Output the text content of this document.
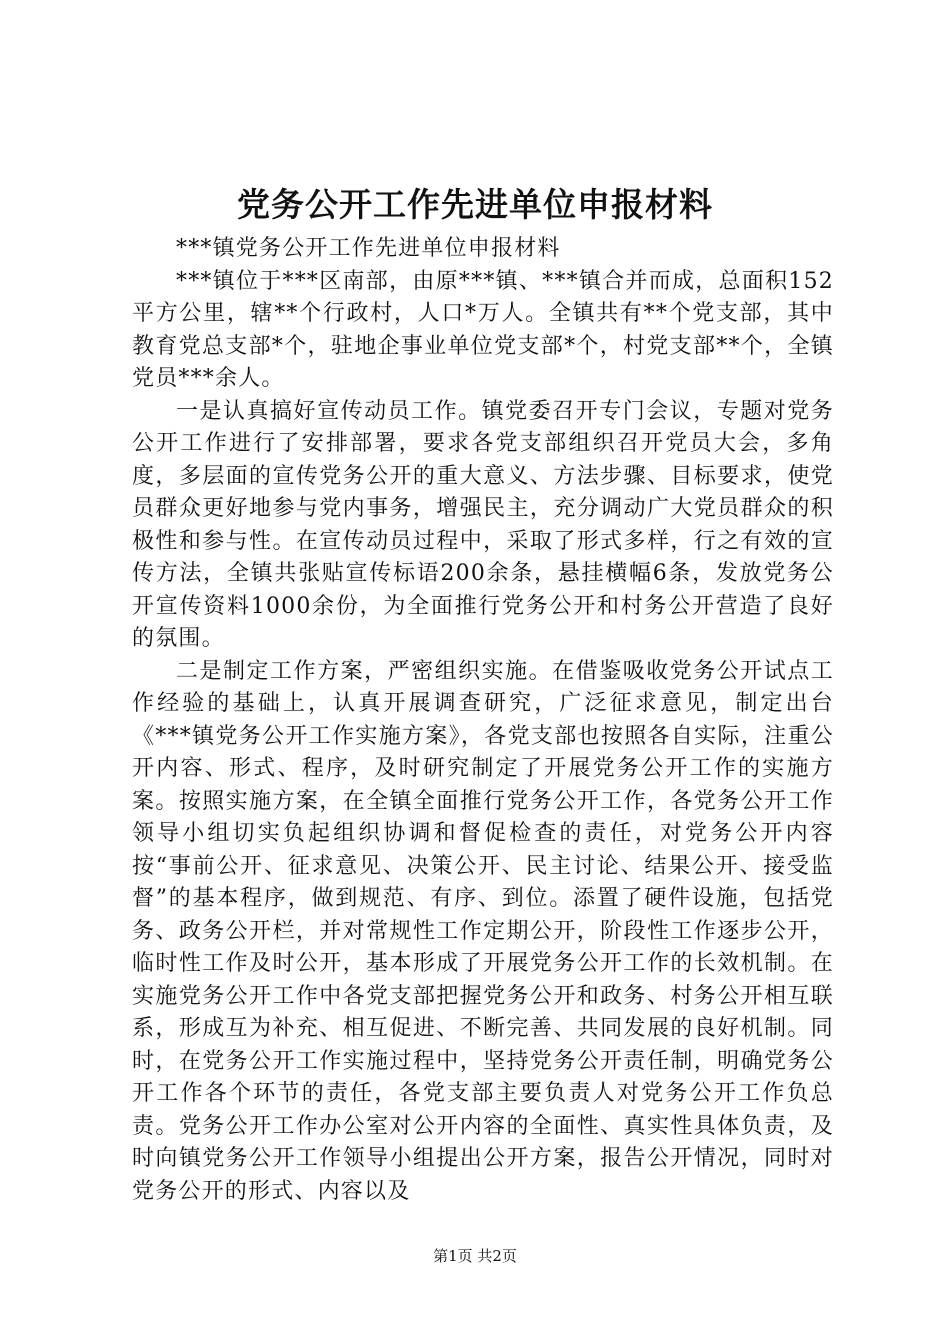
党务公开工作先进单位申报材料

***镇党务公开工作先进单位申报材料

***镇位于***区南部，由原***镇、***镇合并而成，总面积152平方公里，辖**个行政村，人口*万人。全镇共有**个党支部，其中教育党总支部*个，驻地企事业单位党支部*个，村党支部**个，全镇党员***余人。

一是认真搞好宣传动员工作。镇党委召开专门会议，专题对党务公开工作进行了安排部署，要求各党支部组织召开党员大会，多角度，多层面的宣传党务公开的重大意义、方法步骤、目标要求，使党员群众更好地参与党内事务，增强民主，充分调动广大党员群众的积极性和参与性。在宣传动员过程中，采取了形式多样，行之有效的宣传方法，全镇共张贴宣传标语200余条，悬挂横幅6条，发放党务公开宣传资料1000余份，为全面推行党务公开和村务公开营造了良好的氛围。

二是制定工作方案，严密组织实施。在借鉴吸收党务公开试点工作经验的基础上，认真开展调查研究，广泛征求意见，制定出台《***镇党务公开工作实施方案》，各党支部也按照各自实际，注重公开内容、形式、程序，及时研究制定了开展党务公开工作的实施方案。按照实施方案，在全镇全面推行党务公开工作，各党务公开工作领导小组切实负起组织协调和督促检查的责任，对党务公开内容按“事前公开、征求意见、决策公开、民主讨论、结果公开、接受监督”的基本程序，做到规范、有序、到位。添置了硬件设施，包括党务、政务公开栏，并对常规性工作定期公开，阶段性工作逐步公开，临时性工作及时公开，基本形成了开展党务公开工作的长效机制。在实施党务公开工作中各党支部把握党务公开和政务、村务公开相互联系，形成互为补充、相互促进、不断完善、共同发展的良好机制。同时，在党务公开工作实施过程中，坚持党务公开责任制，明确党务公开工作各个环节的责任，各党支部主要负责人对党务公开工作负总责。党务公开工作办公室对公开内容的全面性、真实性具体负责，及时向镇党务公开工作领导小组提出公开方案，报告公开情况，同时对党务公开的形式、内容以及

第1页 共2页
